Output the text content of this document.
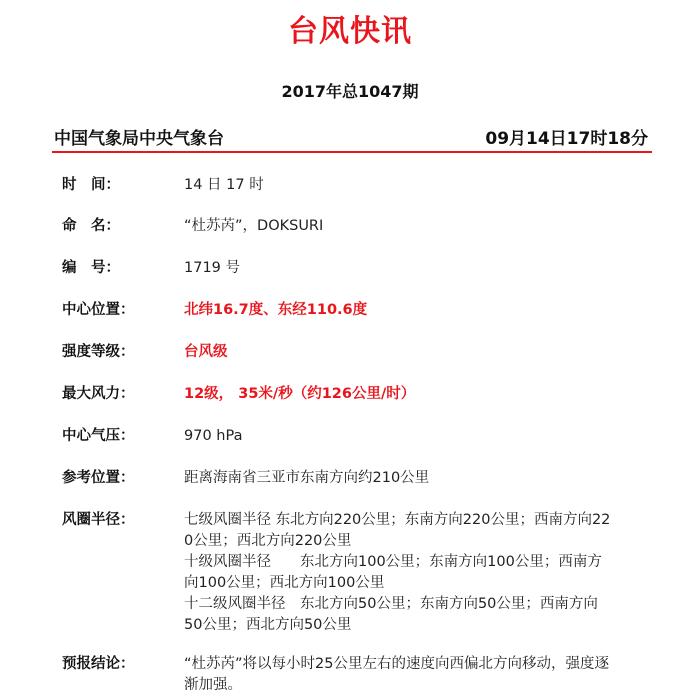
台风快讯
2017年总1047期
中国气象局中央气象台	09月14日17时18分
时　间：	14 日 17 时
命　名：	“杜苏芮”，DOKSURI
编　号：	1719 号
中心位置：	北纬16.7度、东经110.6度
强度等级：	台风级
最大风力：	12级， 35米/秒（约126公里/时）
中心气压：	970 hPa
参考位置：	距离海南省三亚市东南方向约210公里
风圈半径：	七级风圈半径 东北方向220公里；东南方向220公里；西南方向22
0公里；西北方向220公里
十级风圈半径　　东北方向100公里；东南方向100公里；西南方
向100公里；西北方向100公里
十二级风圈半径　东北方向50公里；东南方向50公里；西南方向
50公里；西北方向50公里
预报结论：	“杜苏芮”将以每小时25公里左右的速度向西偏北方向移动，强度逐
渐加强。
